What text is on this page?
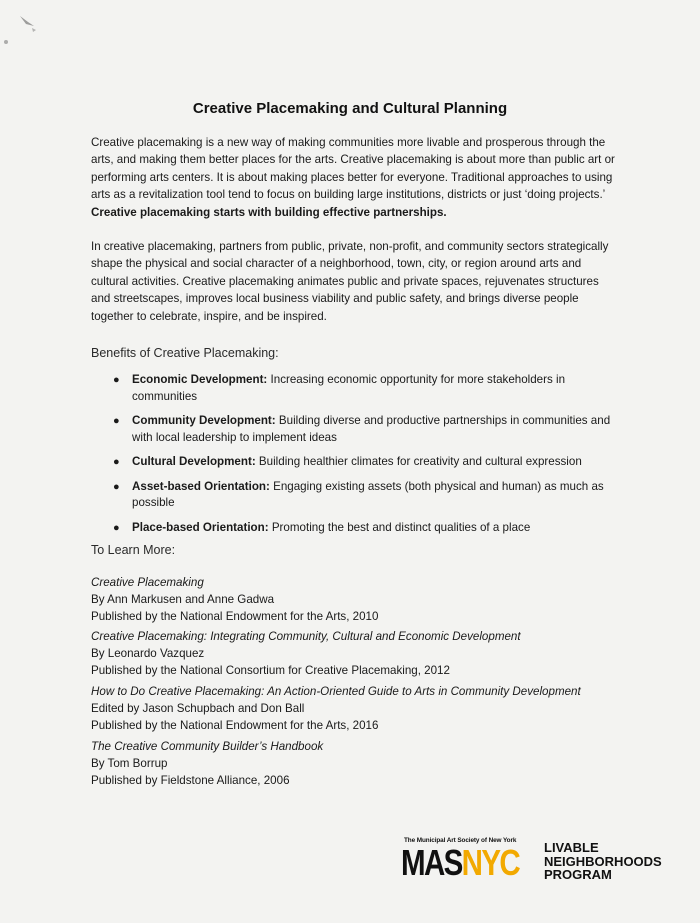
Creative Placemaking and Cultural Planning

Creative placemaking is a new way of making communities more livable and prosperous through the arts, and making them better places for the arts. Creative placemaking is about more than public art or performing arts centers. It is about making places better for everyone. Traditional approaches to using arts as a revitalization tool tend to focus on building large institutions, districts or just ‘doing projects.’ Creative placemaking starts with building effective partnerships.

In creative placemaking, partners from public, private, non-profit, and community sectors strategically shape the physical and social character of a neighborhood, town, city, or region around arts and cultural activities. Creative placemaking animates public and private spaces, rejuvenates structures and streetscapes, improves local business viability and public safety, and brings diverse people together to celebrate, inspire, and be inspired.

Benefits of Creative Placemaking:

● Economic Development: Increasing economic opportunity for more stakeholders in communities
● Community Development: Building diverse and productive partnerships in communities and with local leadership to implement ideas
● Cultural Development: Building healthier climates for creativity and cultural expression
● Asset-based Orientation: Engaging existing assets (both physical and human) as much as possible
● Place-based Orientation: Promoting the best and distinct qualities of a place

To Learn More:

Creative Placemaking
By Ann Markusen and Anne Gadwa
Published by the National Endowment for the Arts, 2010
Creative Placemaking: Integrating Community, Cultural and Economic Development
By Leonardo Vazquez
Published by the National Consortium for Creative Placemaking, 2012
How to Do Creative Placemaking: An Action-Oriented Guide to Arts in Community Development
Edited by Jason Schupbach and Don Ball
Published by the National Endowment for the Arts, 2016
The Creative Community Builder’s Handbook
By Tom Borrup
Published by Fieldstone Alliance, 2006
The Municipal Art Society of New York
MASNYC LIVABLE
NEIGHBORHOODS
PROGRAM
